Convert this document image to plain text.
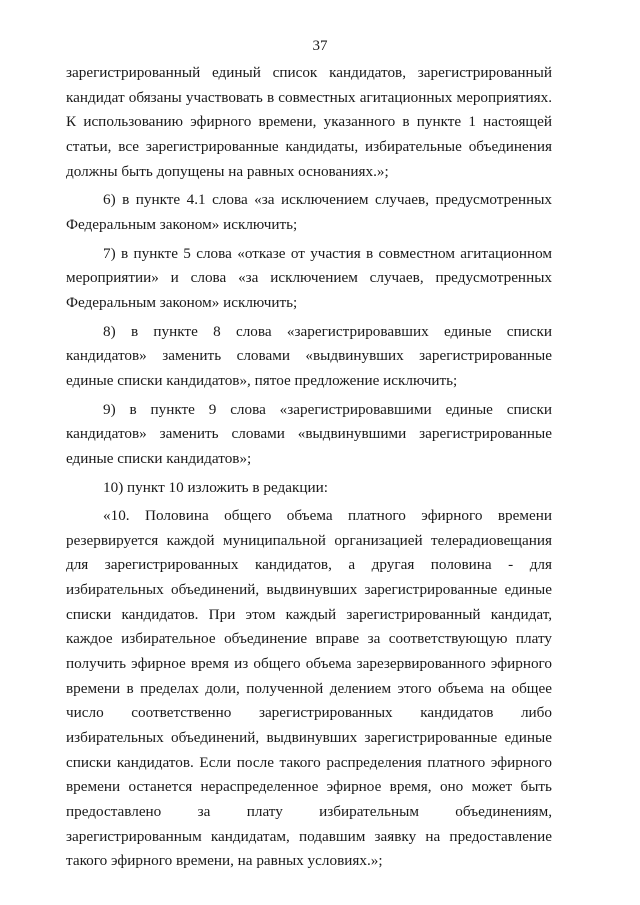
37

зарегистрированный единый список кандидатов, зарегистрированный кандидат обязаны участвовать в совместных агитационных мероприятиях. К использованию эфирного времени, указанного в пункте 1 настоящей статьи, все зарегистрированные кандидаты, избирательные объединения должны быть допущены на равных основаниях.»;

6) в пункте 4.1 слова «за исключением случаев, предусмотренных Федеральным законом» исключить;

7) в пункте 5 слова «отказе от участия в совместном агитационном мероприятии» и слова «за исключением случаев, предусмотренных Федеральным законом» исключить;

8) в пункте 8 слова «зарегистрировавших единые списки кандидатов» заменить словами «выдвинувших зарегистрированные единые списки кандидатов», пятое предложение исключить;

9) в пункте 9 слова «зарегистрировавшими единые списки кандидатов» заменить словами «выдвинувшими зарегистрированные единые списки кандидатов»;

10) пункт 10 изложить в редакции:

«10. Половина общего объема платного эфирного времени резервируется каждой муниципальной организацией телерадиовещания для зарегистрированных кандидатов, а другая половина - для избирательных объединений, выдвинувших зарегистрированные единые списки кандидатов. При этом каждый зарегистрированный кандидат, каждое избирательное объединение вправе за соответствующую плату получить эфирное время из общего объема зарезервированного эфирного времени в пределах доли, полученной делением этого объема на общее число соответственно зарегистрированных кандидатов либо избирательных объединений, выдвинувших зарегистрированные единые списки кандидатов. Если после такого распределения платного эфирного времени останется нераспределенное эфирное время, оно может быть предоставлено за плату избирательным объединениям, зарегистрированным кандидатам, подавшим заявку на предоставление такого эфирного времени, на равных условиях.»;
